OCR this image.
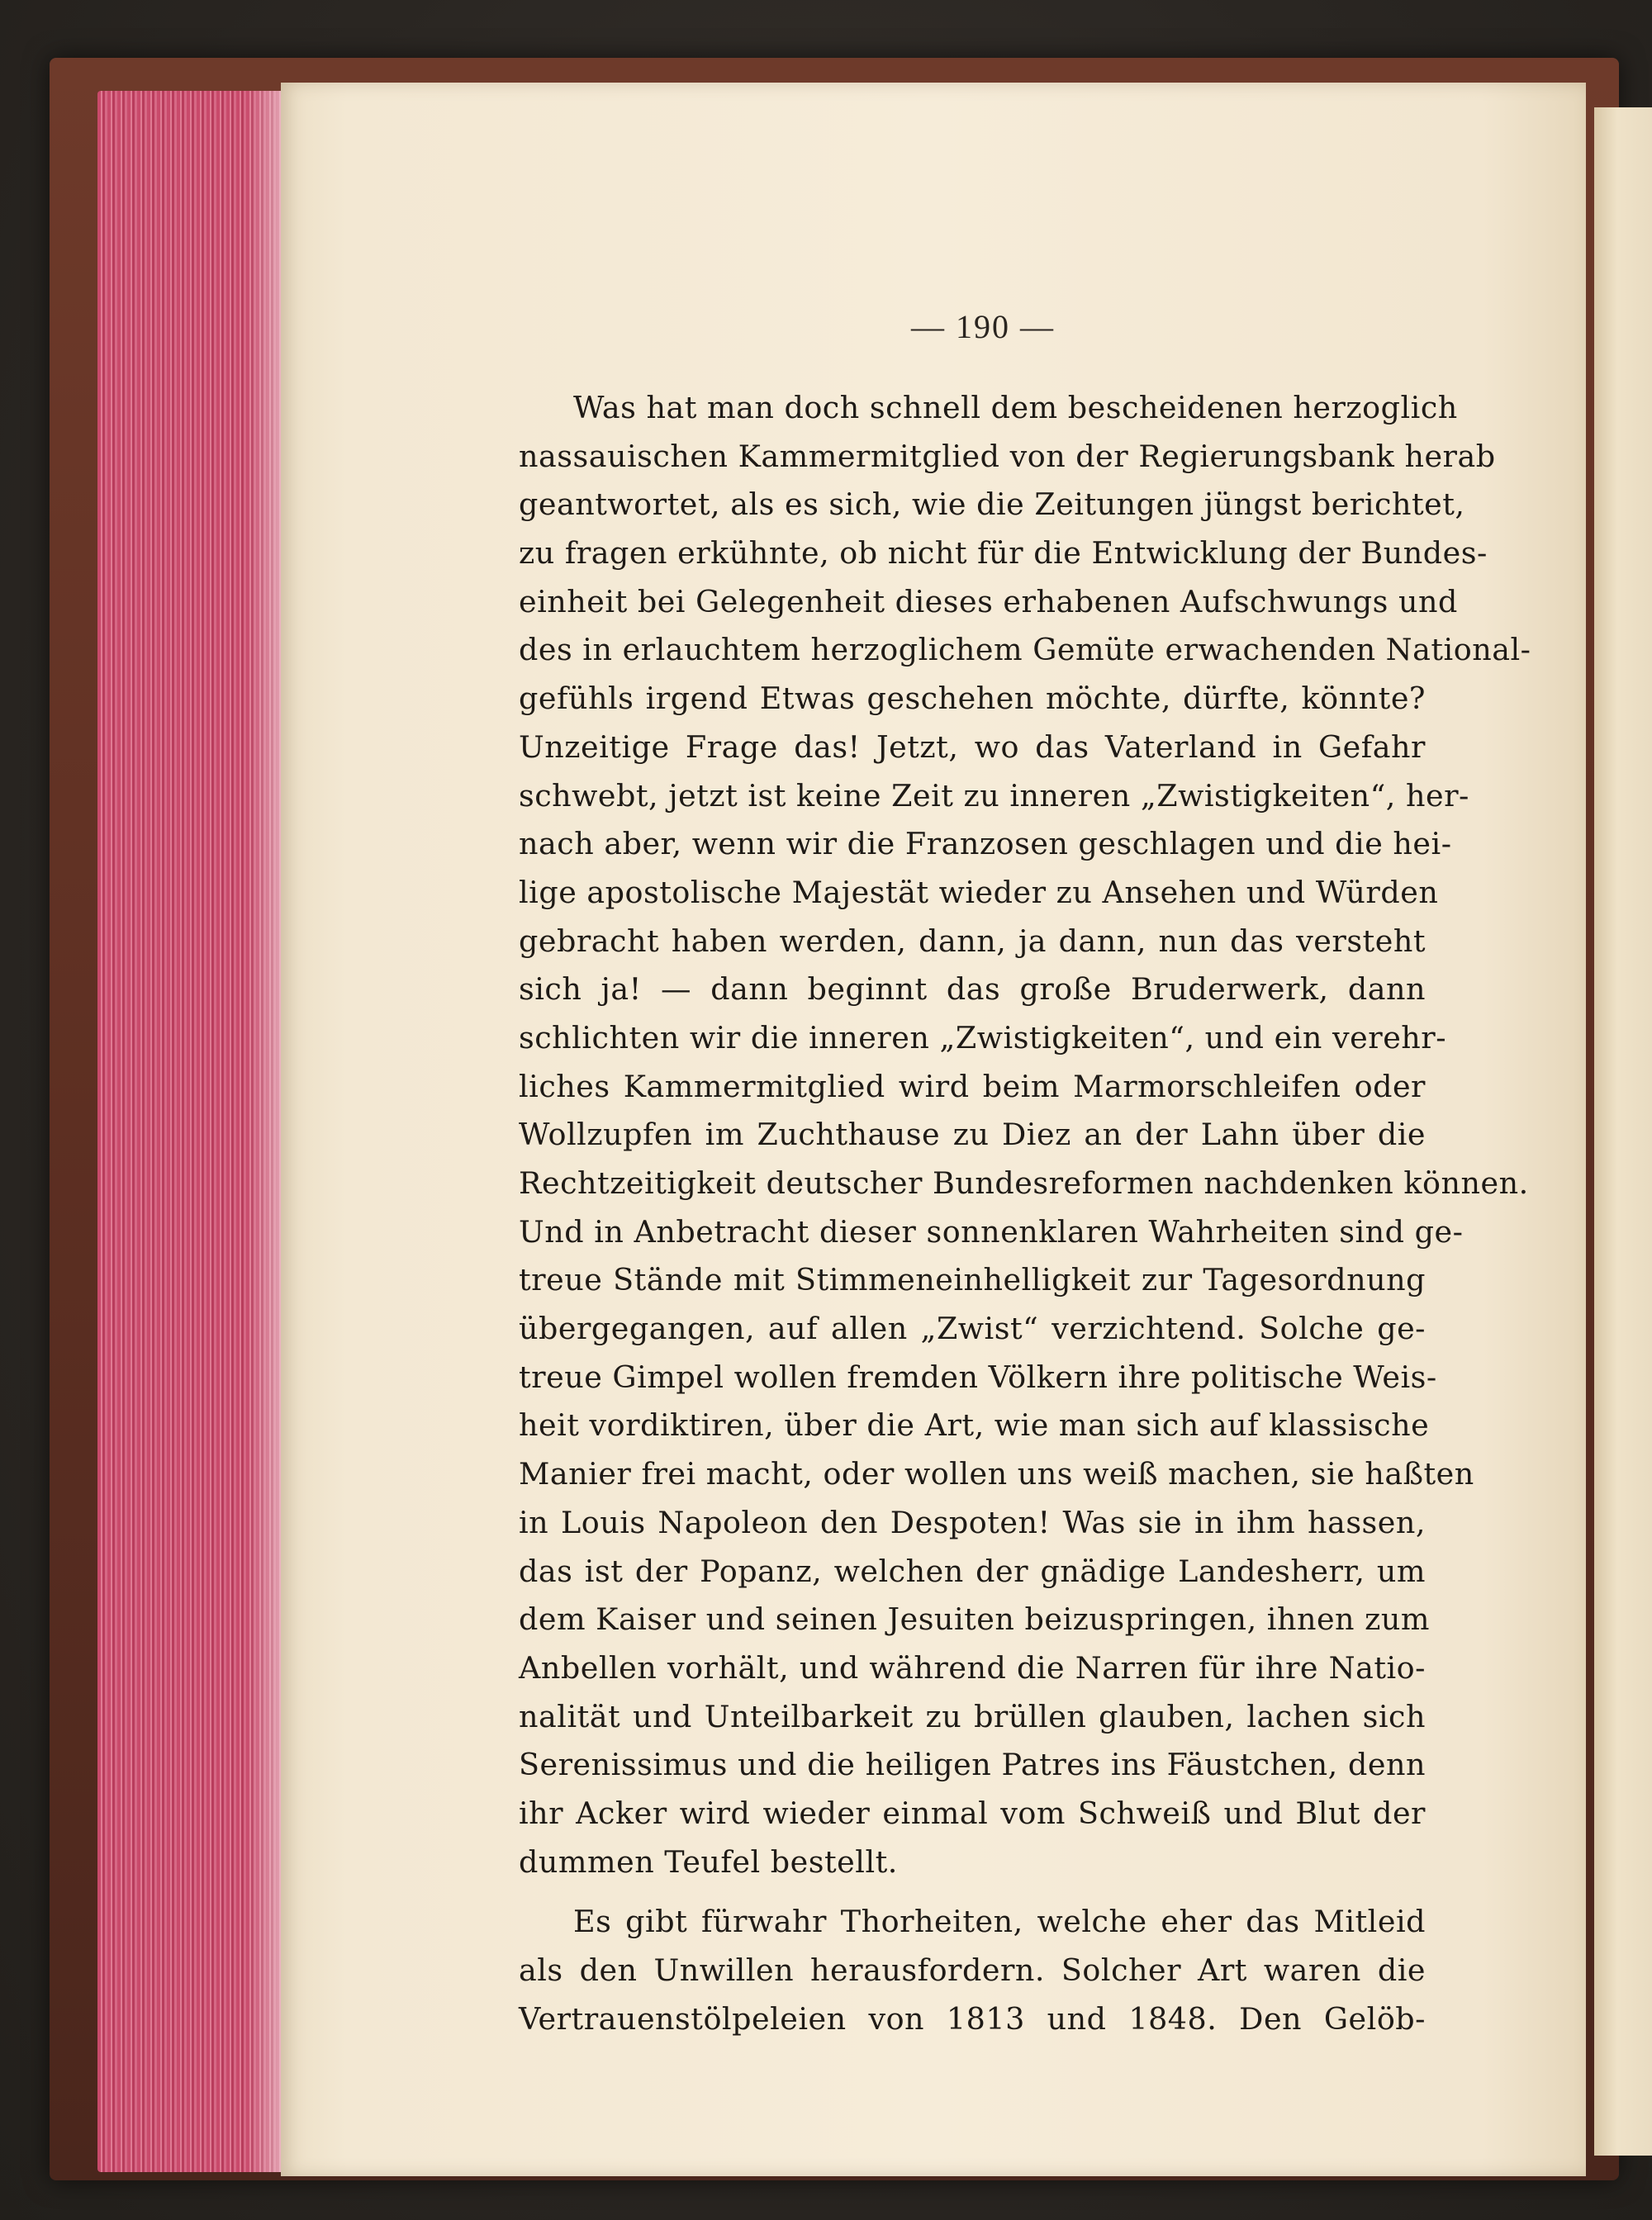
— 190 —
Was hat man doch schnell dem bescheidenen herzoglich
nassauischen Kammermitglied von der Regierungsbank herab
geantwortet, als es sich, wie die Zeitungen jüngst berichtet,
zu fragen erkühnte, ob nicht für die Entwicklung der Bundes-
einheit bei Gelegenheit dieses erhabenen Aufschwungs und
des in erlauchtem herzoglichem Gemüte erwachenden National-
gefühls irgend Etwas geschehen möchte, dürfte, könnte?
Unzeitige Frage das! Jetzt, wo das Vaterland in Gefahr
schwebt, jetzt ist keine Zeit zu inneren „Zwistigkeiten“, her-
nach aber, wenn wir die Franzosen geschlagen und die hei-
lige apostolische Majestät wieder zu Ansehen und Würden
gebracht haben werden, dann, ja dann, nun das versteht
sich ja! — dann beginnt das große Bruderwerk, dann
schlichten wir die inneren „Zwistigkeiten“, und ein verehr-
liches Kammermitglied wird beim Marmorschleifen oder
Wollzupfen im Zuchthause zu Diez an der Lahn über die
Rechtzeitigkeit deutscher Bundesreformen nachdenken können.
Und in Anbetracht dieser sonnenklaren Wahrheiten sind ge-
treue Stände mit Stimmeneinhelligkeit zur Tagesordnung
übergegangen, auf allen „Zwist“ verzichtend. Solche ge-
treue Gimpel wollen fremden Völkern ihre politische Weis-
heit vordiktiren, über die Art, wie man sich auf klassische
Manier frei macht, oder wollen uns weiß machen, sie haßten
in Louis Napoleon den Despoten! Was sie in ihm hassen,
das ist der Popanz, welchen der gnädige Landesherr, um
dem Kaiser und seinen Jesuiten beizuspringen, ihnen zum
Anbellen vorhält, und während die Narren für ihre Natio-
nalität und Unteilbarkeit zu brüllen glauben, lachen sich
Serenissimus und die heiligen Patres ins Fäustchen, denn
ihr Acker wird wieder einmal vom Schweiß und Blut der
dummen Teufel bestellt.
Es gibt fürwahr Thorheiten, welche eher das Mitleid
als den Unwillen herausfordern. Solcher Art waren die
Vertrauenstölpeleien von 1813 und 1848. Den Gelöb-
